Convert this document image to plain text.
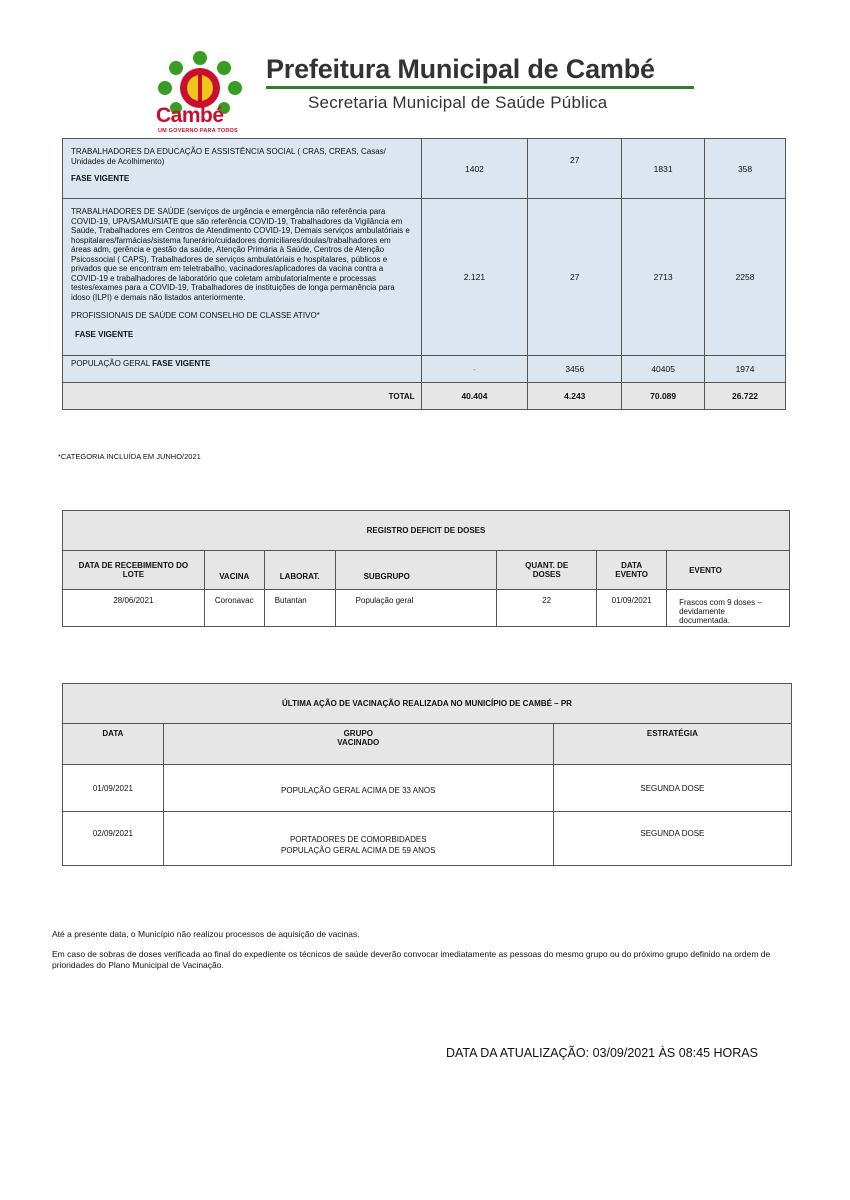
Cambé
UM GOVERNO PARA TODOS
Prefeitura Municipal de Cambé
Secretaria Municipal de Saúde Pública
TRABALHADORES DA EDUCAÇÃO E ASSISTÊNCIA SOCIAL ( CRAS, CREAS, Casas/ Unidades de Acolhimento)
FASE VIGENTE	1402	27	1831	358
TRABALHADORES DE SAÚDE (serviços de urgência e emergência não referência para COVID-19, UPA/SAMU/SIATE que são referência COVID-19, Trabalhadores da Vigilância em Saúde, Trabalhadores em Centros de Atendimento COVID-19, Demais serviços ambulatóriais e hospitalares/farmácias/sistema funerário/cuidadores domiciliares/doulas/trabalhadores em áreas adm, gerência e gestão da saúde, Atenção Primária à Saúde, Centros de Atenção Psicossocial ( CAPS), Trabalhadores de serviços ambulatóriais e hospitalares, públicos e privados que se encontram em teletrabalho, vacinadores/aplicadores da vacina contra a COVID-19 e trabalhadores de laboratório que coletam ambulatorialmente e processas testes/exames para a COVID-19, Trabalhadores de instituições de longa permanência para idoso (ILPI) e demais não listados anteriormente.
PROFISSIONAIS DE SAÚDE COM CONSELHO DE CLASSE ATIVO*
FASE VIGENTE	2.121	27	2713	2258
POPULAÇÃO GERAL FASE VIGENTE	-	3456	40405	1974
TOTAL	40.404	4.243	70.089	26.722
*CATEGORIA INCLUÍDA EM JUNHO/2021
REGISTRO DEFICIT DE DOSES						
DATA DE RECEBIMENTO DO LOTE	VACINA	LABORAT.	SUBGRUPO	QUANT. DE DOSES	DATA EVENTO	EVENTO
28/06/2021	Coronavac	Butantan	População geral	22	01/09/2021	Frascos com 9 doses – devidamente documentada.
ÚLTIMA AÇÃO DE VACINAÇÃO REALIZADA NO MUNICÍPIO DE CAMBÉ – PR		
DATA	GRUPO VACINADO	ESTRATÉGIA
01/09/2021	POPULAÇÃO GERAL ACIMA DE 33 ANOS	SEGUNDA DOSE
02/09/2021	PORTADORES DE COMORBIDADES
POPULAÇÃO GERAL ACIMA DE 59 ANOS	SEGUNDA DOSE
Até a presente data, o Município não realizou processos de aquisição de vacinas.
Em caso de sobras de doses verificada ao final do expediente os técnicos de saúde deverão convocar imediatamente as pessoas do mesmo grupo ou do próximo grupo definido na ordem de prioridades do Plano Municipal de Vacinação.
DATA DA ATUALIZAÇÃO: 03/09/2021 ÀS 08:45 HORAS
